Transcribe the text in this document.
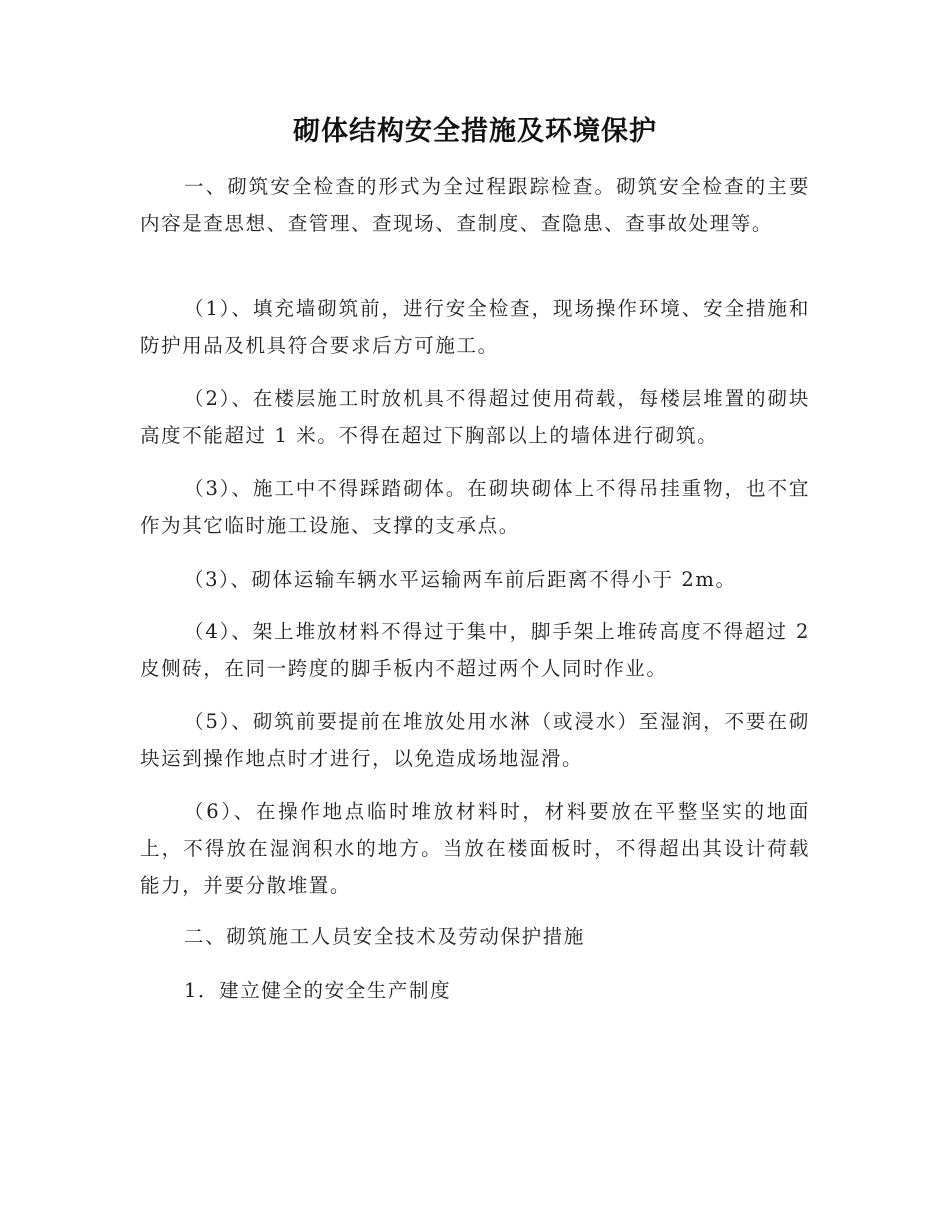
砌体结构安全措施及环境保护

一、砌筑安全检查的形式为全过程跟踪检查。砌筑安全检查的主要内容是查思想、查管理、查现场、查制度、查隐患、查事故处理等。

（1）、填充墙砌筑前，进行安全检查，现场操作环境、安全措施和防护用品及机具符合要求后方可施工。

（2）、在楼层施工时放机具不得超过使用荷载，每楼层堆置的砌块高度不能超过 1 米。不得在超过下胸部以上的墙体进行砌筑。

（3）、施工中不得踩踏砌体。在砌块砌体上不得吊挂重物，也不宜作为其它临时施工设施、支撑的支承点。

（3）、砌体运输车辆水平运输两车前后距离不得小于 2m。

（4）、架上堆放材料不得过于集中，脚手架上堆砖高度不得超过 2 皮侧砖，在同一跨度的脚手板内不超过两个人同时作业。

（5）、砌筑前要提前在堆放处用水淋（或浸水）至湿润，不要在砌块运到操作地点时才进行，以免造成场地湿滑。

（6）、在操作地点临时堆放材料时，材料要放在平整坚实的地面上，不得放在湿润积水的地方。当放在楼面板时，不得超出其设计荷载能力，并要分散堆置。

二、砌筑施工人员安全技术及劳动保护措施

1．建立健全的安全生产制度
